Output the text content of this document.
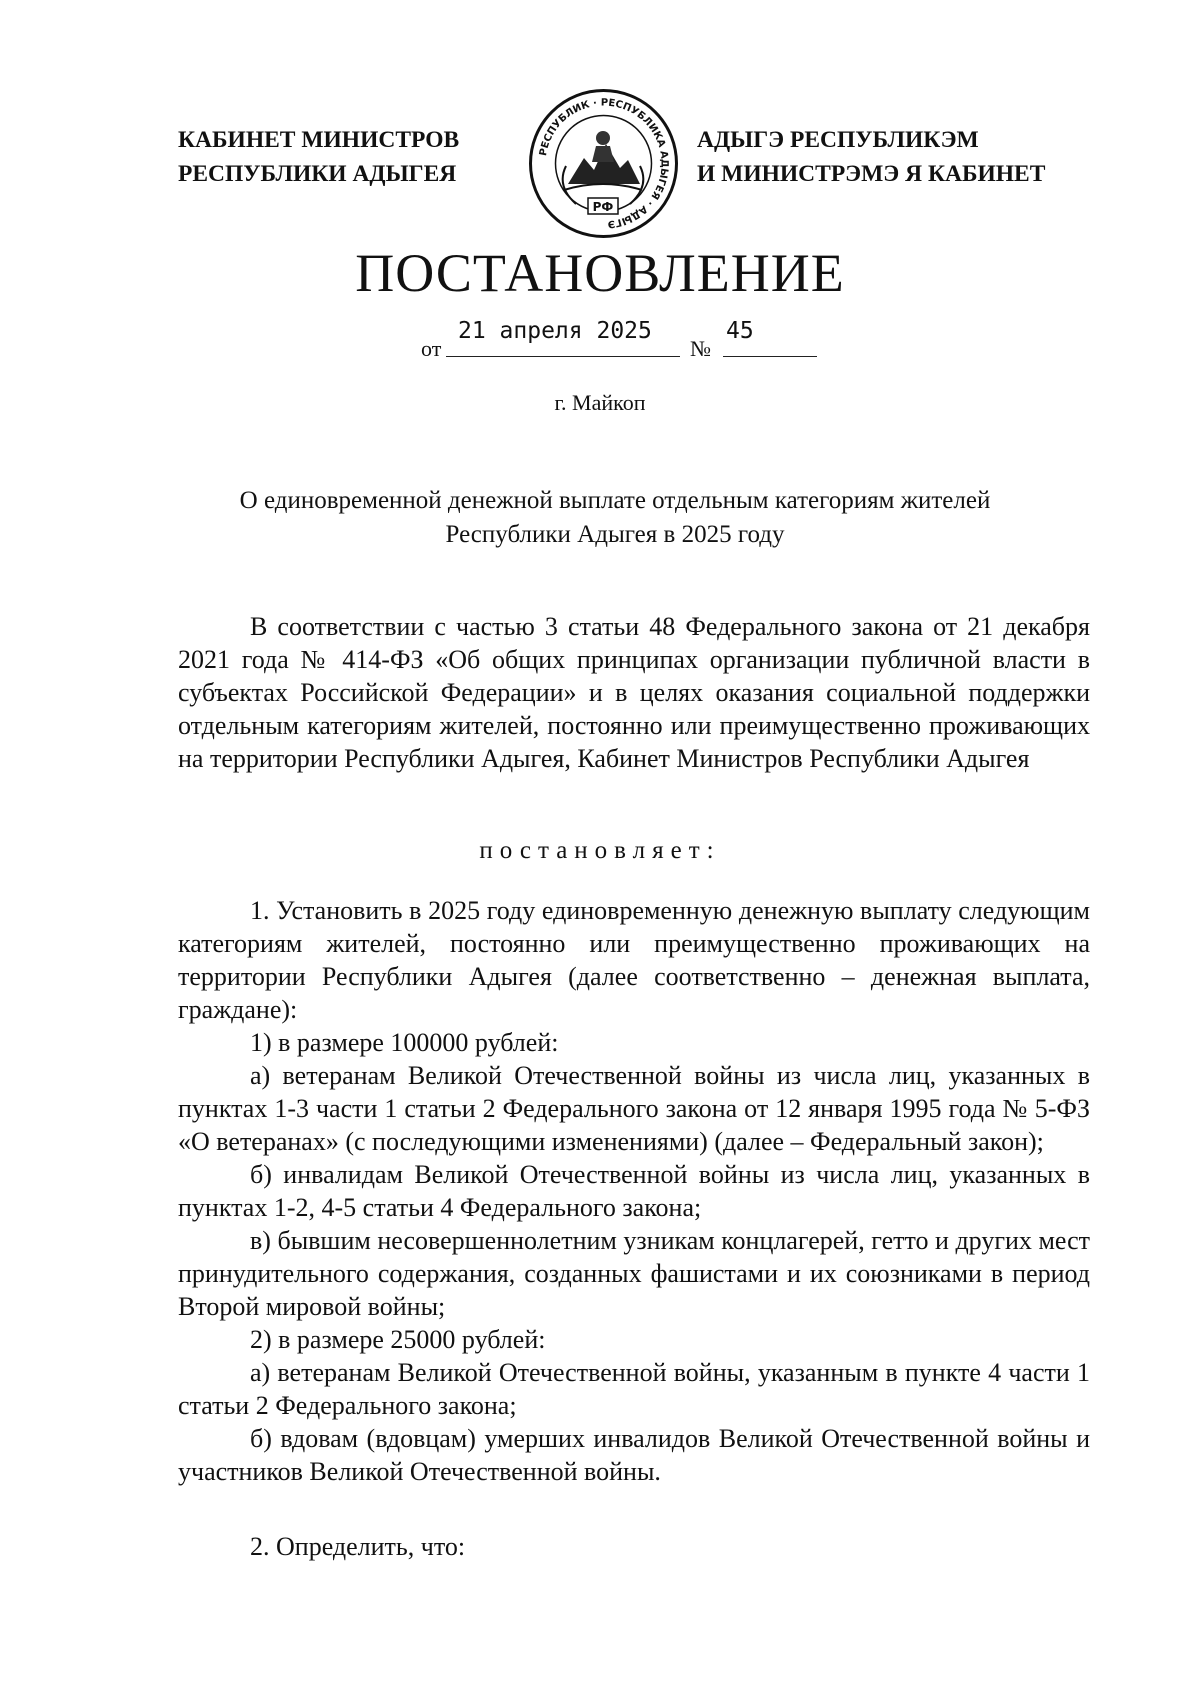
КАБИНЕТ МИНИСТРОВ
РЕСПУБЛИКИ АДЫГЕЯ
РЕСПУБЛИК · РЕСПУБЛИКА АДЫГЕЯ · АДЫГЭ
РФ
АДЫГЭ РЕСПУБЛИКЭМ
И МИНИСТРЭМЭ Я КАБИНЕТ
ПОСТАНОВЛЕНИЕ
от
21 апреля 2025
№
45
г. Майкоп
О единовременной денежной выплате отдельным категориям жителей
Республики Адыгея в 2025 году

В соответствии с частью 3 статьи 48 Федерального закона от 21 декабря 2021 года № 414-ФЗ «Об общих принципах организации публичной власти в субъектах Российской Федерации» и в целях оказания социальной поддержки отдельным категориям жителей, постоянно или преимущественно проживающих на территории Республики Адыгея, Кабинет Министров Республики Адыгея

постановляет:

1. Установить в 2025 году единовременную денежную выплату следующим категориям жителей, постоянно или преимущественно проживающих на территории Республики Адыгея (далее соответственно – денежная выплата, граждане):

1) в размере 100000 рублей:

а) ветеранам Великой Отечественной войны из числа лиц, указанных в пунктах 1-3 части 1 статьи 2 Федерального закона от 12 января 1995 года № 5-ФЗ «О ветеранах» (с последующими изменениями) (далее – Федеральный закон);

б) инвалидам Великой Отечественной войны из числа лиц, указанных в пунктах 1-2, 4-5 статьи 4 Федерального закона;

в) бывшим несовершеннолетним узникам концлагерей, гетто и других мест принудительного содержания, созданных фашистами и их союзниками в период Второй мировой войны;

2) в размере 25000 рублей:

а) ветеранам Великой Отечественной войны, указанным в пункте 4 части 1 статьи 2 Федерального закона;

б) вдовам (вдовцам) умерших инвалидов Великой Отечественной войны и участников Великой Отечественной войны.

2. Определить, что:
